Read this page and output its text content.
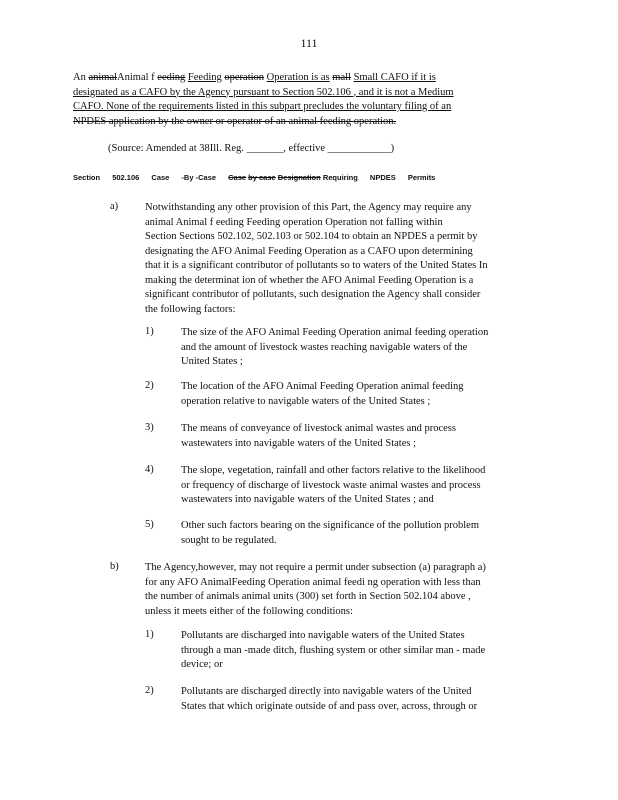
111
An animalAnimal f eeding Feeding operation Operation is as mall Small CAFO if it is
designated as a CAFO by the Agency pursuant to Section 502.106 , and it is not a Medium
CAFO. None of the requirements listed in this subpart precludes the voluntary filing of an
NPDES application by the owner or operator of an animal feeding operation.
(Source: Amended at 38Ill. Reg. _______, effective ____________)
Section 502.106 Case -By -Case Case by case Designation Requiring NPDES Permits
a)	Notwithstanding any other provision of this Part, the Agency may require any
animal Animal f eeding Feeding operation Operation not falling within
Section Sections 502.102, 502.103 or 502.104 to obtain an NPDES a permit by
designating the AFO Animal Feeding Operation as a CAFO upon determining
that it is a significant contributor of pollutants so to waters of the United States In
making the determinat ion of whether the AFO Animal Feeding Operation is a
significant contributor of pollutants, such designation the Agency shall consider
the following factors:
1)	The size of the AFO Animal Feeding Operation animal feeding operation
and the amount of livestock wastes reaching navigable waters of the
United States ;
2)	The location of the AFO Animal Feeding Operation animal feeding
operation relative to navigable waters of the United States ;
3)	The means of conveyance of livestock animal wastes and process
wastewaters into navigable waters of the United States ;
4)	The slope, vegetation, rainfall and other factors relative to the likelihood
or frequency of discharge of livestock waste animal wastes and process
wastewaters into navigable waters of the United States ; and
5)	Other such factors bearing on the significance of the pollution problem
sought to be regulated.
b)	The Agency,however, may not require a permit under subsection (a) paragraph a)
for any AFO AnimalFeeding Operation animal feedi ng operation with less than
the number of animals animal units (300) set forth in Section 502.104 above ,
unless it meets either of the following conditions:
1)	Pollutants are discharged into navigable waters of the United States
through a man -made ditch, flushing system or other similar man - made
device; or
2)	Pollutants are discharged directly into navigable waters of the United
States that which originate outside of and pass over, across, through or
